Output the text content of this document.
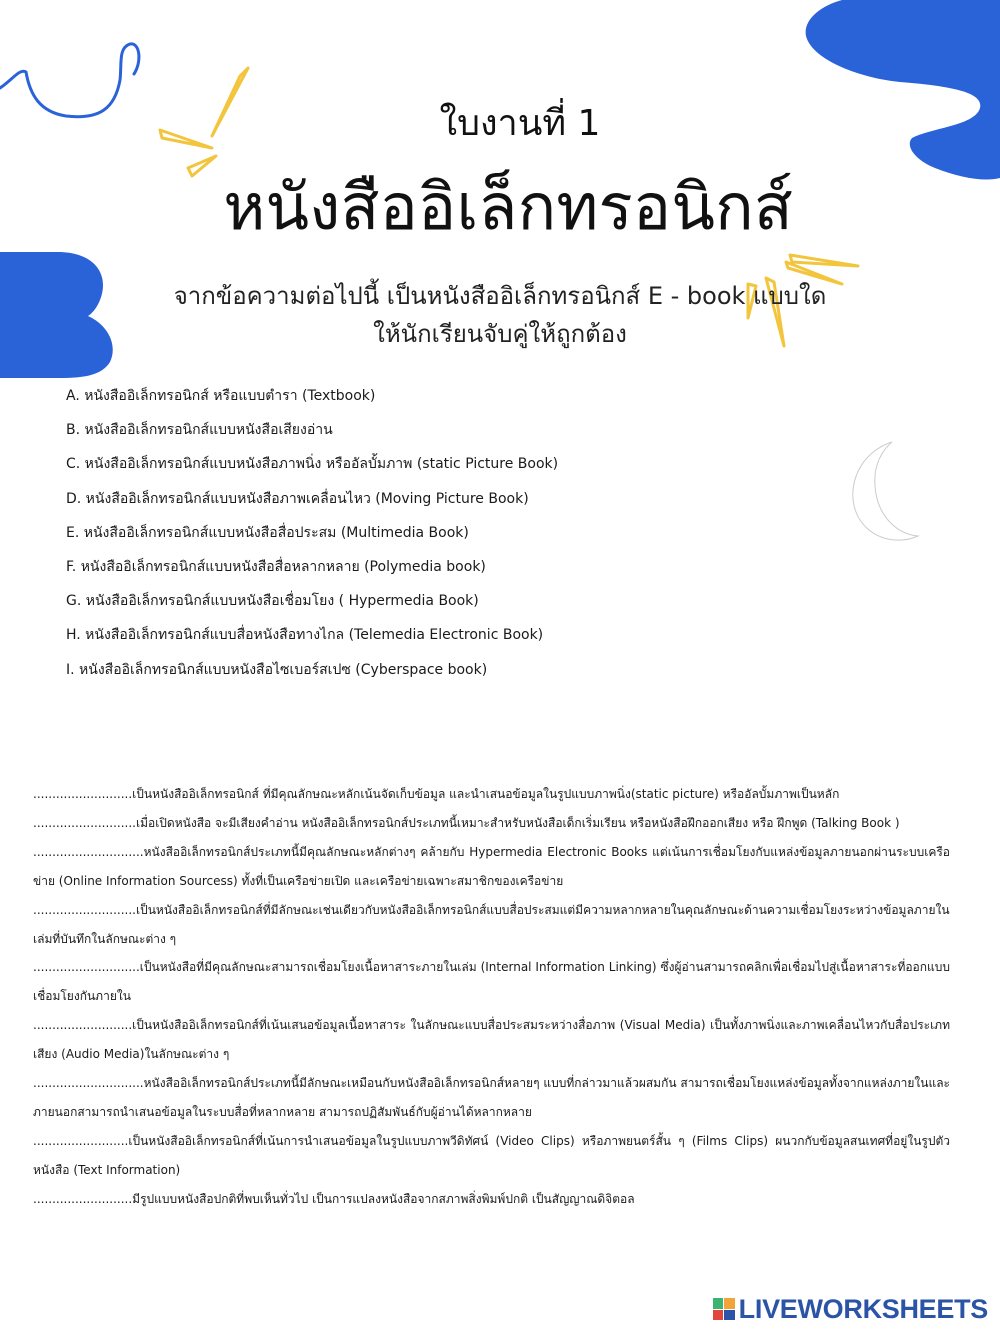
ใบงานที่ 1
หนังสืออิเล็กทรอนิกส์
จากข้อความต่อไปนี้ เป็นหนังสืออิเล็กทรอนิกส์ E - book แบบใด
ให้นักเรียนจับคู่ให้ถูกต้อง
A. หนังสืออิเล็กทรอนิกส์ หรือแบบตำรา (Textbook)
B. หนังสืออิเล็กทรอนิกส์แบบหนังสือเสียงอ่าน
C. หนังสืออิเล็กทรอนิกส์แบบหนังสือภาพนิ่ง หรืออัลบั้มภาพ (static Picture Book)
D. หนังสืออิเล็กทรอนิกส์แบบหนังสือภาพเคลื่อนไหว (Moving Picture Book)
E. หนังสืออิเล็กทรอนิกส์แบบหนังสือสื่อประสม (Multimedia Book)
F. หนังสืออิเล็กทรอนิกส์แบบหนังสือสื่อหลากหลาย (Polymedia book)
G. หนังสืออิเล็กทรอนิกส์แบบหนังสือเชื่อมโยง ( Hypermedia Book)
H. หนังสืออิเล็กทรอนิกส์แบบสื่อหนังสือทางไกล (Telemedia Electronic Book)
I. หนังสืออิเล็กทรอนิกส์แบบหนังสือไซเบอร์สเปซ (Cyberspace book)
..........................เป็นหนังสืออิเล็กทรอนิกส์ ที่มีคุณลักษณะหลักเน้นจัดเก็บข้อมูล และนำเสนอข้อมูลในรูปแบบภาพนิ่ง(static picture) หรืออัลบั้มภาพเป็นหลัก
...........................เมื่อเปิดหนังสือ จะมีเสียงคำอ่าน หนังสืออิเล็กทรอนิกส์ประเภทนี้เหมาะสำหรับหนังสือเด็กเริ่มเรียน หรือหนังสือฝึกออกเสียง หรือ ฝึกพูด (Talking Book )
.............................หนังสืออิเล็กทรอนิกส์ประเภทนี้มีคุณลักษณะหลักต่างๆ คล้ายกับ Hypermedia Electronic Books แต่เน้นการเชื่อมโยงกับแหล่งข้อมูลภายนอกผ่านระบบเครือข่าย (Online Information Sourcess) ทั้งที่เป็นเครือข่ายเปิด และเครือข่ายเฉพาะสมาชิกของเครือข่าย
...........................เป็นหนังสืออิเล็กทรอนิกส์ที่มีลักษณะเช่นเดียวกับหนังสืออิเล็กทรอนิกส์แบบสื่อประสมแต่มีความหลากหลายในคุณลักษณะด้านความเชื่อมโยงระหว่างข้อมูลภายในเล่มที่บันทึกในลักษณะต่าง ๆ
............................เป็นหนังสือที่มีคุณลักษณะสามารถเชื่อมโยงเนื้อหาสาระภายในเล่ม (Internal Information Linking) ซึ่งผู้อ่านสามารถคลิกเพื่อเชื่อมไปสู่เนื้อหาสาระที่ออกแบบเชื่อมโยงกันภายใน
..........................เป็นหนังสืออิเล็กทรอนิกส์ที่เน้นเสนอข้อมูลเนื้อหาสาระ ในลักษณะแบบสื่อประสมระหว่างสื่อภาพ (Visual Media) เป็นทั้งภาพนิ่งและภาพเคลื่อนไหวกับสื่อประเภทเสียง (Audio Media)ในลักษณะต่าง ๆ
.............................หนังสืออิเล็กทรอนิกส์ประเภทนี้มีลักษณะเหมือนกับหนังสืออิเล็กทรอนิกส์หลายๆ แบบที่กล่าวมาแล้วผสมกัน สามารถเชื่อมโยงแหล่งข้อมูลทั้งจากแหล่งภายในและภายนอกสามารถนำเสนอข้อมูลในระบบสื่อที่หลากหลาย สามารถปฏิสัมพันธ์กับผู้อ่านได้หลากหลาย
.........................เป็นหนังสืออิเล็กทรอนิกส์ที่เน้นการนำเสนอข้อมูลในรูปแบบภาพวีดิทัศน์ (Video Clips) หรือภาพยนตร์สั้น ๆ (Films Clips) ผนวกกับข้อมูลสนเทศที่อยู่ในรูปตัวหนังสือ (Text Information)
..........................มีรูปแบบหนังสือปกติที่พบเห็นทั่วไป เป็นการแปลงหนังสือจากสภาพสิ่งพิมพ์ปกติ เป็นสัญญาณดิจิตอล
LIVEWORKSHEETS
